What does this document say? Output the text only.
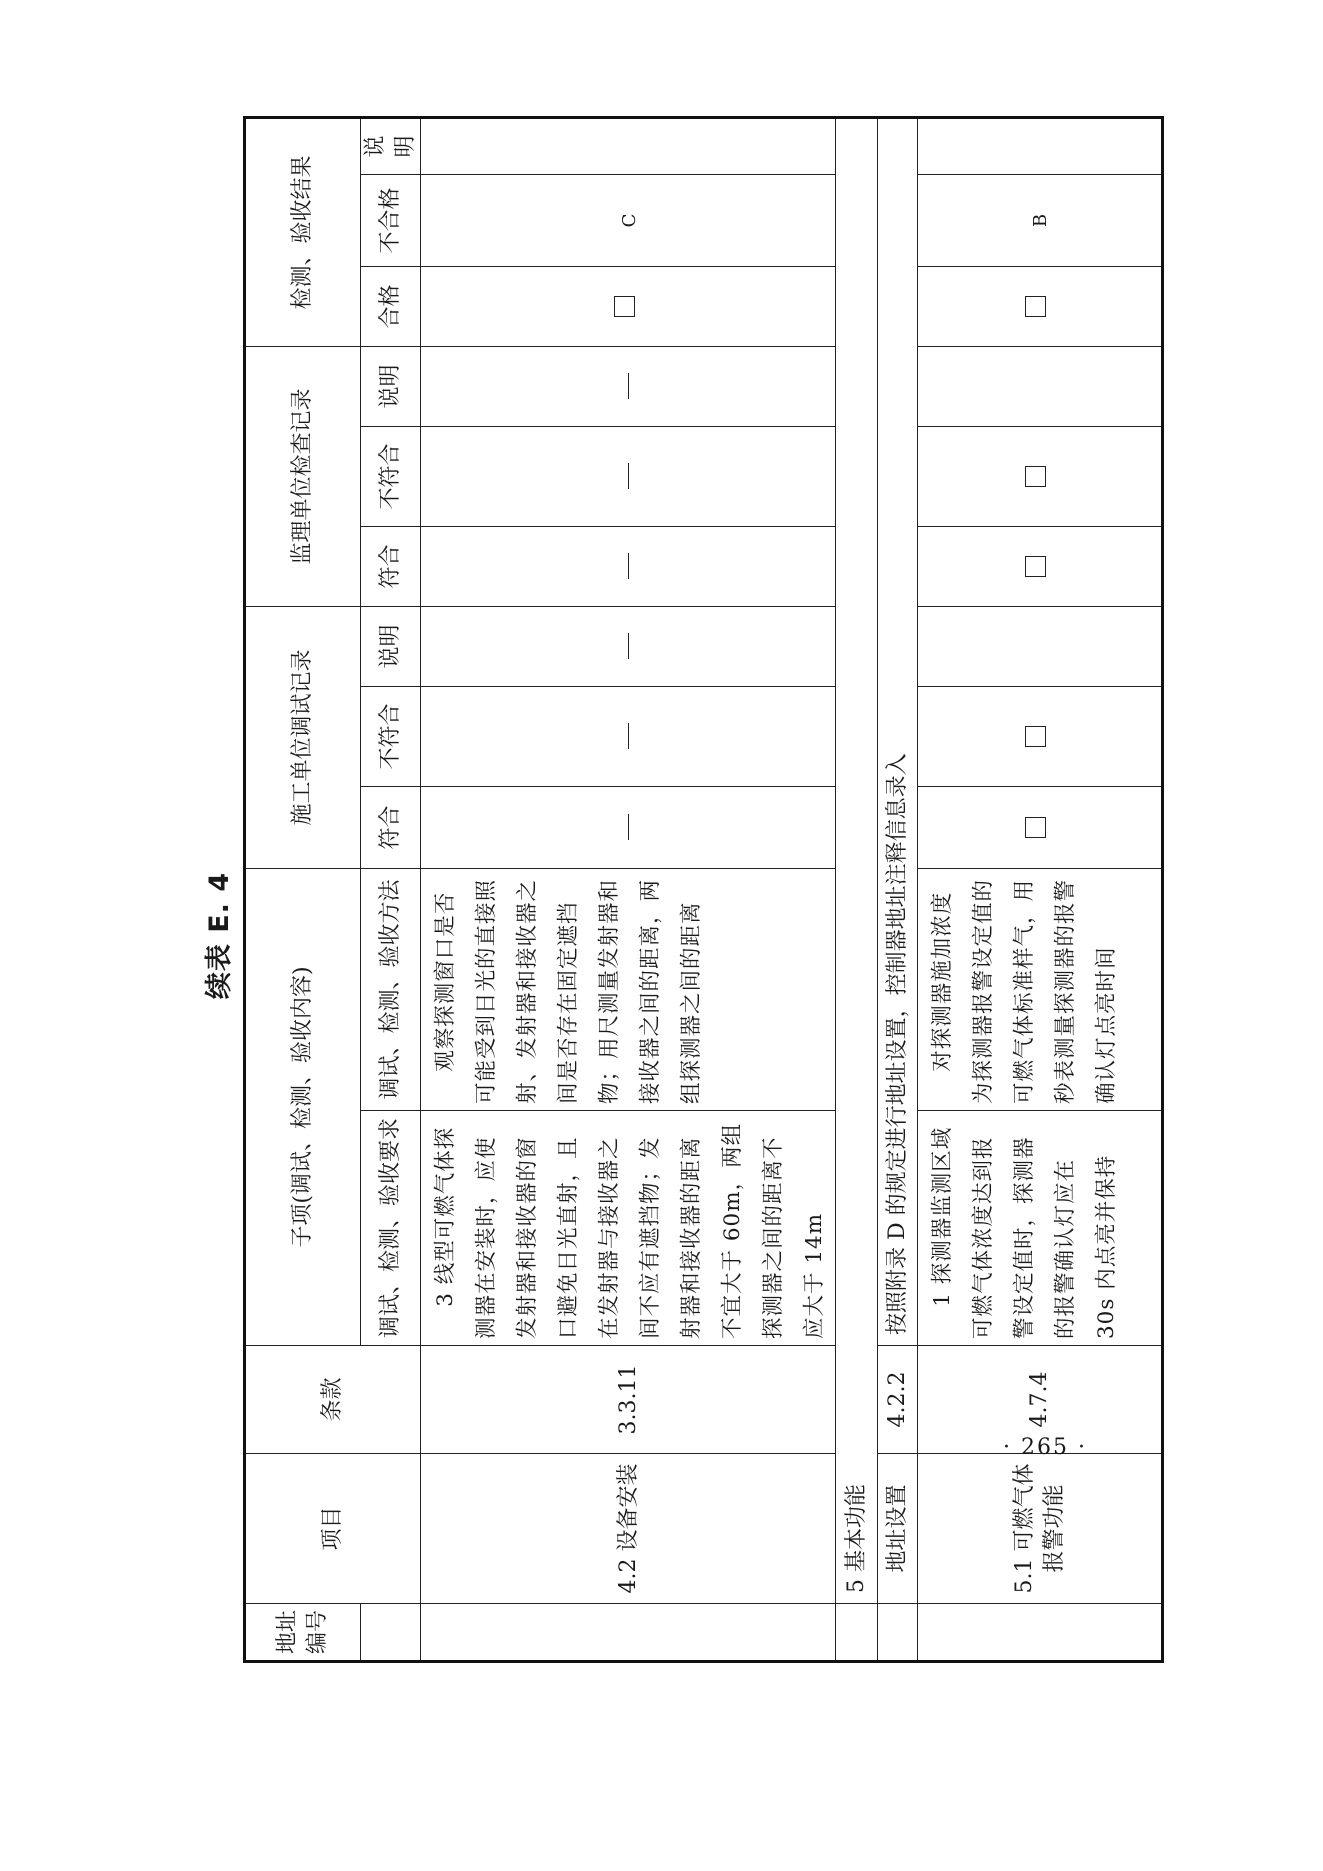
续表 E. 4
地址编号	项目	条款	子项(调试、检测、验收内容)		施工单位调试记录			监理单位检查记录			检测、验收结果		

			调试、检测、验收要求	调试、检测、验收方法	符合	不符合	说明	符合	不符合	说明	合格	不合格	说明
	4.2 设备安装	3.3.11	3 线型可燃气体探测器在安装时，应使发射器和接收器的窗口避免日光直射，且在发射器与接收器之间不应有遮挡物；发射器和接收器的距离不宜大于 60m，两组探测器之间的距离不应大于 14m	观察探测窗口是否可能受到日光的直接照射、发射器和接收器之间是否存在固定遮挡物；用尺测量发射器和接收器之间的距离，两组探测器之间的距离								C	
	5 基本功能												
	地址设置	4.2.2	按照附录 D 的规定进行地址设置，控制器地址注释信息录入										
	5.1 可燃气体报警功能	4.7.4	1 探测器监测区域可燃气体浓度达到报警设定值时，探测器的报警确认灯应在 30s 内点亮并保持	对探测器施加浓度为探测器报警设定值的可燃气体标准样气，用秒表测量探测器的报警确认灯点亮时间								B	
· 265 ·
